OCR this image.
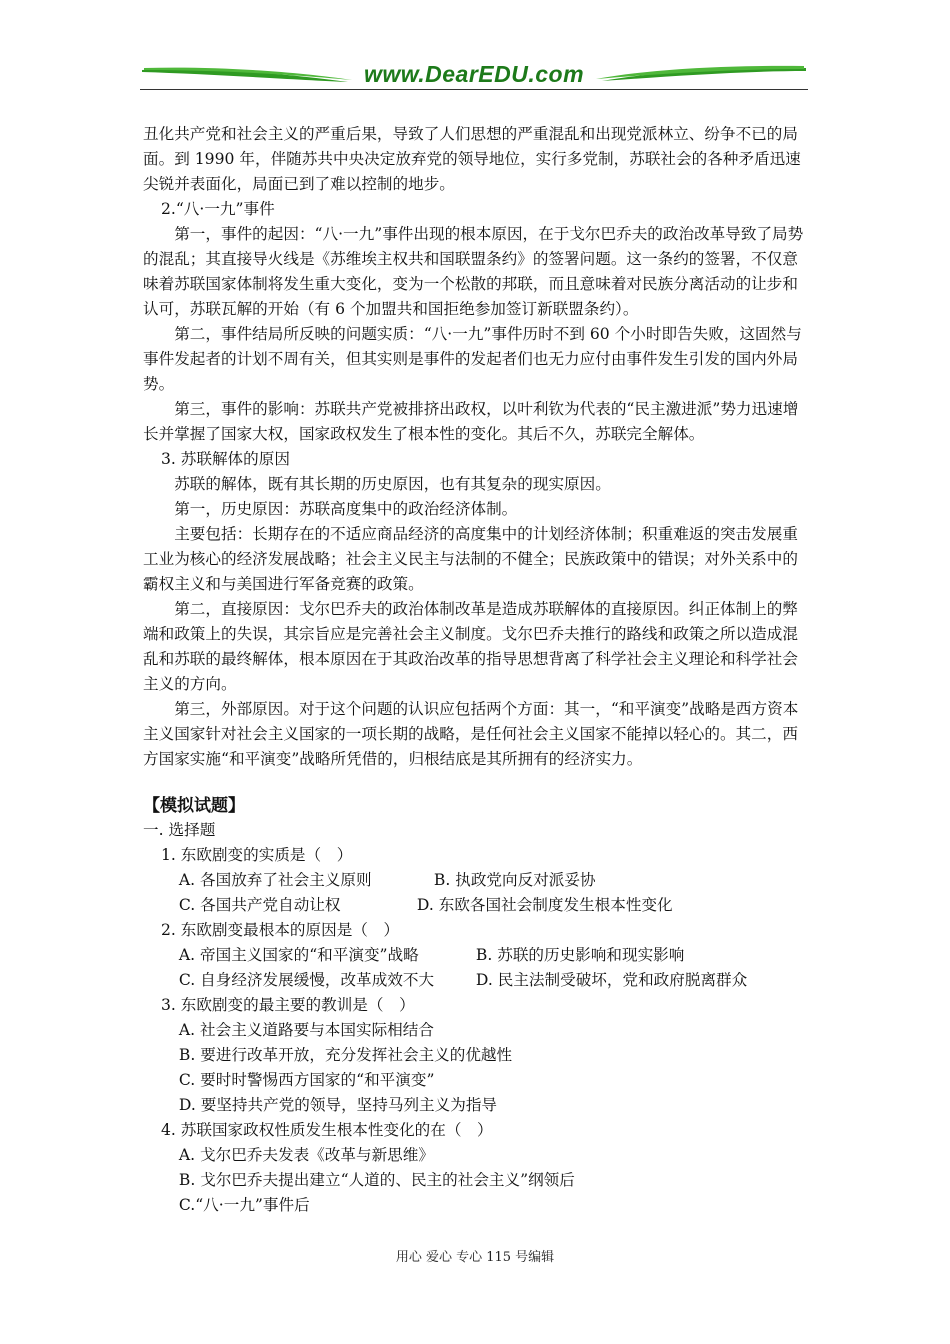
www.DearEDU.com

丑化共产党和社会主义的严重后果，导致了人们思想的严重混乱和出现党派林立、纷争不已的局面。到 1990 年，伴随苏共中央决定放弃党的领导地位，实行多党制，苏联社会的各种矛盾迅速尖锐并表面化，局面已到了难以控制的地步。

2.“八·一九”事件

第一，事件的起因：“八·一九”事件出现的根本原因，在于戈尔巴乔夫的政治改革导致了局势的混乱；其直接导火线是《苏维埃主权共和国联盟条约》的签署问题。这一条约的签署，不仅意味着苏联国家体制将发生重大变化，变为一个松散的邦联，而且意味着对民族分离活动的让步和认可，苏联瓦解的开始（有 6 个加盟共和国拒绝参加签订新联盟条约）。

第二，事件结局所反映的问题实质：“八·一九”事件历时不到 60 个小时即告失败，这固然与事件发起者的计划不周有关，但其实则是事件的发起者们也无力应付由事件发生引发的国内外局势。

第三，事件的影响：苏联共产党被排挤出政权，以叶利钦为代表的“民主激进派”势力迅速增长并掌握了国家大权，国家政权发生了根本性的变化。其后不久，苏联完全解体。

3. 苏联解体的原因

苏联的解体，既有其长期的历史原因，也有其复杂的现实原因。

第一，历史原因：苏联高度集中的政治经济体制。

主要包括：长期存在的不适应商品经济的高度集中的计划经济体制；积重难返的突击发展重工业为核心的经济发展战略；社会主义民主与法制的不健全；民族政策中的错误；对外关系中的霸权主义和与美国进行军备竞赛的政策。

第二，直接原因：戈尔巴乔夫的政治体制改革是造成苏联解体的直接原因。纠正体制上的弊端和政策上的失误，其宗旨应是完善社会主义制度。戈尔巴乔夫推行的路线和政策之所以造成混乱和苏联的最终解体，根本原因在于其政治改革的指导思想背离了科学社会主义理论和科学社会主义的方向。

第三，外部原因。对于这个问题的认识应包括两个方面：其一，“和平演变”战略是西方资本主义国家针对社会主义国家的一项长期的战略，是任何社会主义国家不能掉以轻心的。其二，西方国家实施“和平演变”战略所凭借的，归根结底是其所拥有的经济实力。

【模拟试题】

一. 选择题

1. 东欧剧变的实质是（　）

A. 各国放弃了社会主义原则	B. 执政党向反对派妥协
C. 各国共产党自动让权	D. 东欧各国社会制度发生根本性变化

2. 东欧剧变最根本的原因是（　）

A. 帝国主义国家的“和平演变”战略	B. 苏联的历史影响和现实影响
C. 自身经济发展缓慢，改革成效不大	D. 民主法制受破坏，党和政府脱离群众

3. 东欧剧变的最主要的教训是（　）

A. 社会主义道路要与本国实际相结合

B. 要进行改革开放，充分发挥社会主义的优越性

C. 要时时警惕西方国家的“和平演变”

D. 要坚持共产党的领导，坚持马列主义为指导

4. 苏联国家政权性质发生根本性变化的在（　）

A. 戈尔巴乔夫发表《改革与新思维》

B. 戈尔巴乔夫提出建立“人道的、民主的社会主义”纲领后

C.“八·一九”事件后

用心 爱心 专心 115 号编辑
